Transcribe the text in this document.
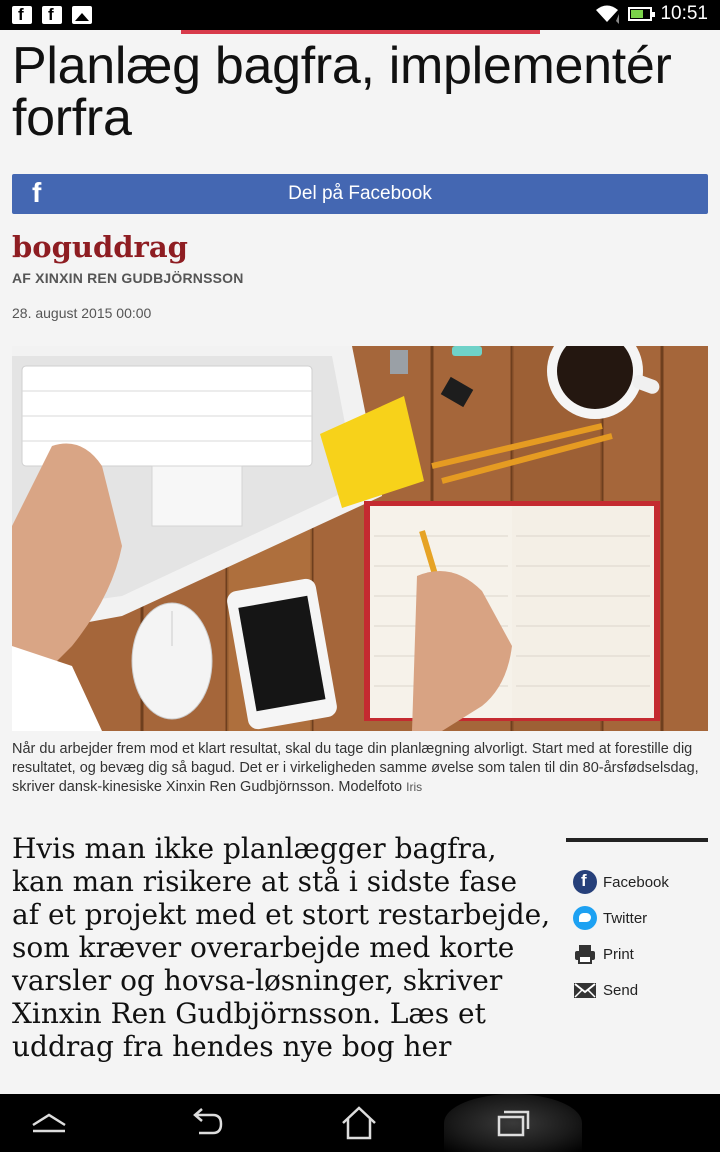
f
f
10:51
Planlæg bagfra, implementér forfra
f	Del på Facebook
boguddrag
AF XINXIN REN GUDBJÖRNSSON
28. august 2015 00:00
Når du arbejder frem mod et klart resultat, skal du tage din planlægning alvorligt. Start med at forestille dig resultatet, og bevæg dig så bagud. Det er i virkeligheden samme øvelse som talen til din 80-årsfødselsdag, skriver dansk-kinesiske Xinxin Ren Gudbjörnsson. Modelfoto Iris

Hvis man ikke planlægger bagfra, kan man risikere at stå i sidste fase af et projekt med et stort restarbejde, som kræver overarbejde med korte varsler og hovsa-løsninger, skriver Xinxin Ren Gudbjörnsson. Læs et uddrag fra hendes nye bog her

f
Facebook
Twitter
Print
Send
